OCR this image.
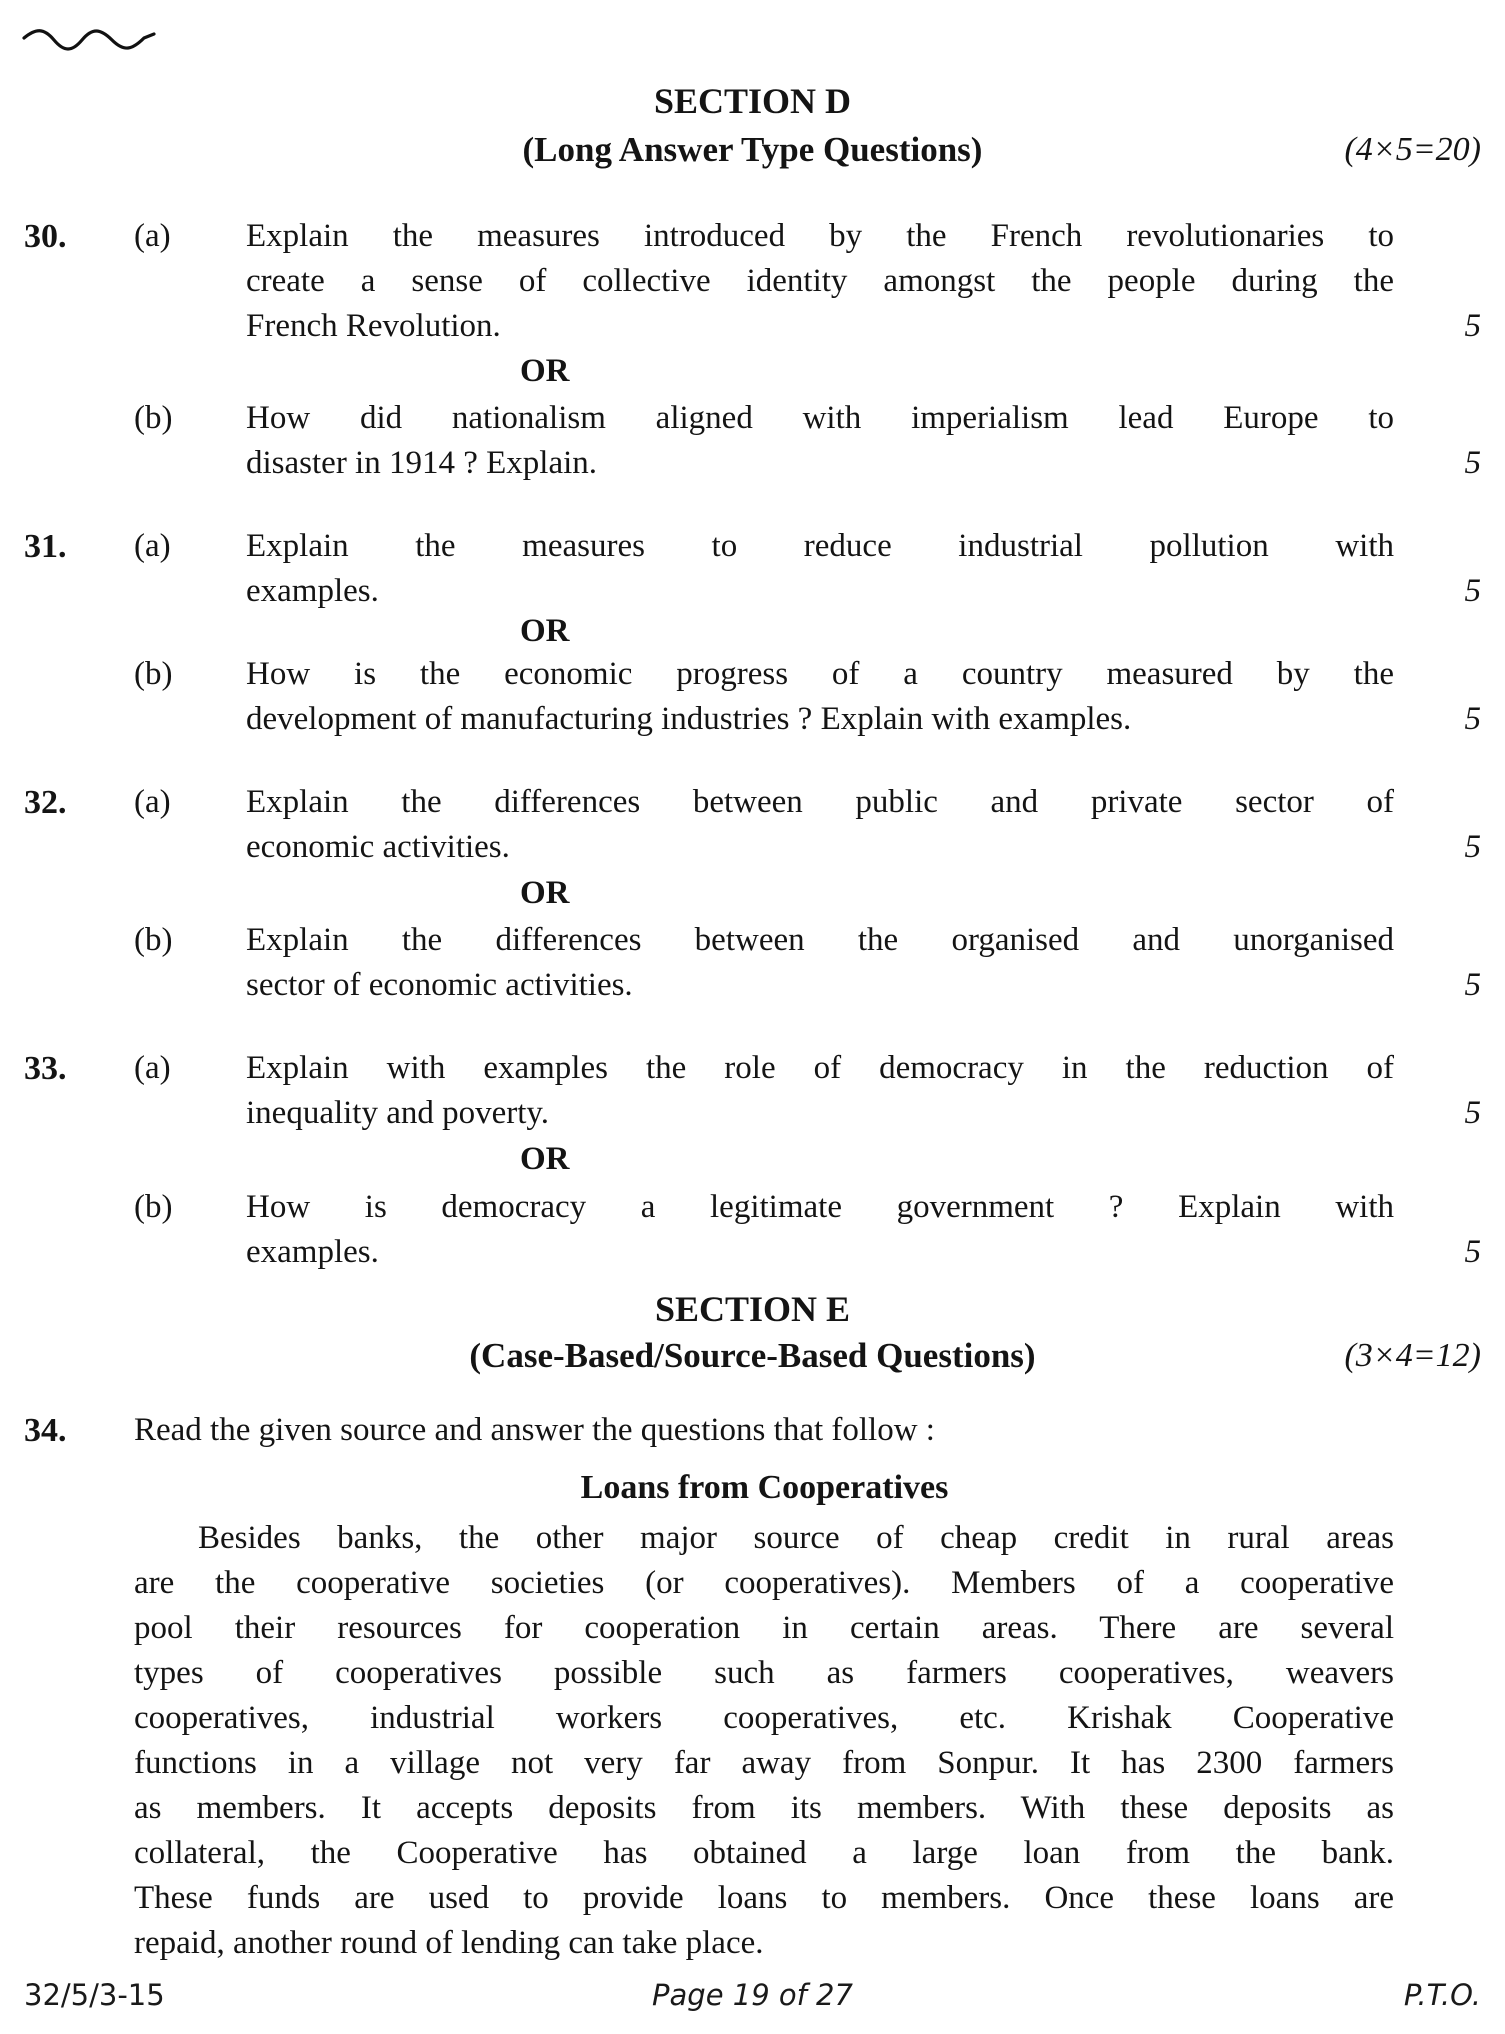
SECTION D
(Long Answer Type Questions)	(4×5=20)
30. (a) Explain the measures introduced by the French revolutionaries to
create a sense of collective identity amongst the people during the
French Revolution.	5
OR
(b) How did nationalism aligned with imperialism lead Europe to
disaster in 1914 ? Explain.	5
31. (a) Explain the measures to reduce industrial pollution with
examples.	5
OR
(b) How is the economic progress of a country measured by the
development of manufacturing industries ? Explain with examples.	5
32. (a) Explain the differences between public and private sector of
economic activities.	5
OR
(b) Explain the differences between the organised and unorganised
sector of economic activities.	5
33. (a) Explain with examples the role of democracy in the reduction of
inequality and poverty.	5
OR
(b) How is democracy a legitimate government ? Explain with
examples.	5
SECTION E
(Case-Based/Source-Based Questions)	(3×4=12)
34. Read the given source and answer the questions that follow :
Loans from Cooperatives
Besides banks, the other major source of cheap credit in rural areas
are the cooperative societies (or cooperatives). Members of a cooperative
pool their resources for cooperation in certain areas. There are several
types of cooperatives possible such as farmers cooperatives, weavers
cooperatives, industrial workers cooperatives, etc. Krishak Cooperative
functions in a village not very far away from Sonpur. It has 2300 farmers
as members. It accepts deposits from its members. With these deposits as
collateral, the Cooperative has obtained a large loan from the bank.
These funds are used to provide loans to members. Once these loans are
repaid, another round of lending can take place.
32/5/3-15	Page 19 of 27	P.T.O.
